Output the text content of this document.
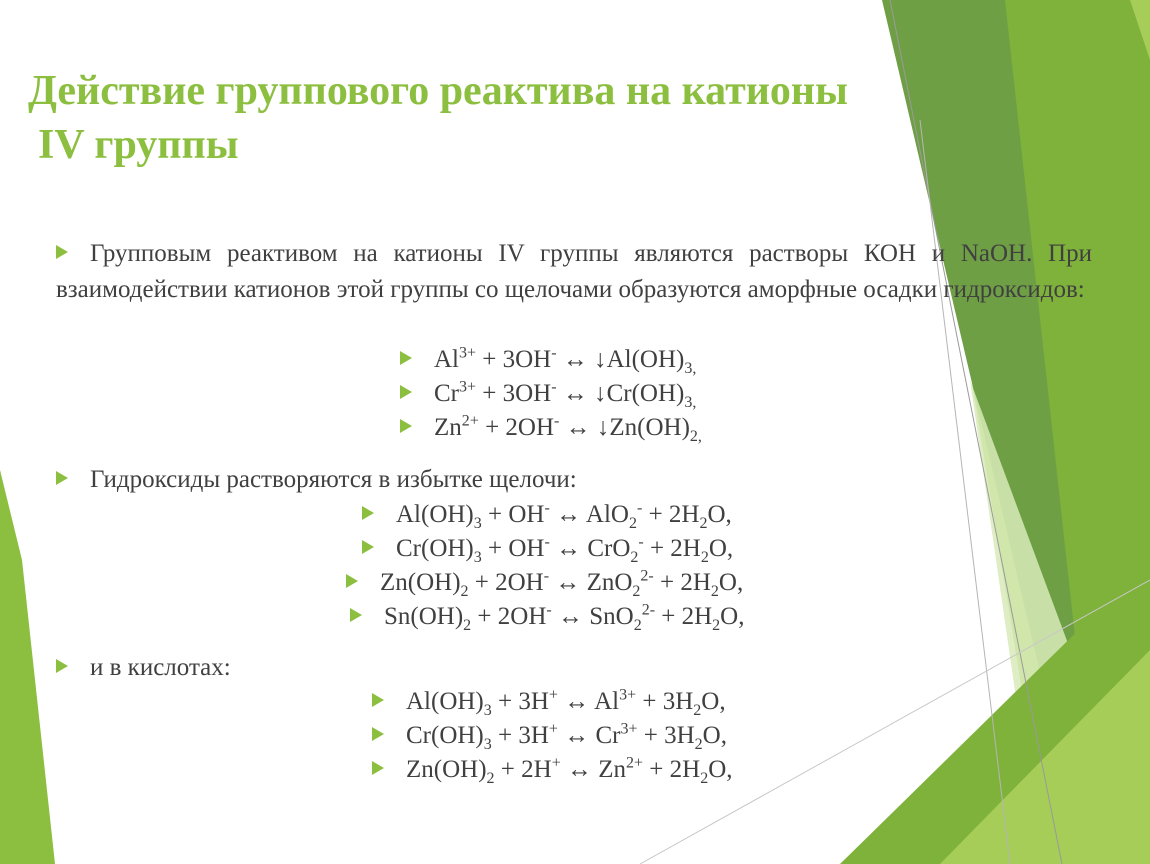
Действие группового реактива на катионы
IV группы

Групповым реактивом на катионы IV группы являются растворы КОН и NaOH. При взаимодействии катионов этой группы со щелочами образуются аморфные осадки гидроксидов:

$Al^{3+} + 3OH^-$ ↔ $↓Al(OH)_{3,}$
$Cr^{3+} + 3OH^-$ ↔ $↓Cr(OH)_{3,}$
$Zn^{2+} + 2OH^-$ ↔ $↓Zn(OH)_{2,}$

Гидроксиды растворяются в избытке щелочи:

$Al(OH)_3 + OH^-$ ↔ $AlO_2^- + 2H_2O$,
$Cr(OH)_3 + OH^-$ ↔ $CrO_2^- + 2H_2O$,
$Zn(OH)_2 + 2OH^-$ ↔ $ZnO_2^{2-} + 2H_2O$,
$Sn(OH)_2 + 2OH^-$ ↔ $SnO_2^{2-} + 2H_2O$,

и в кислотах:

$Al(OH)_3 + 3H^+$ ↔ $Al^{3+} + 3H_2O$,
$Cr(OH)_3 + 3H^+$ ↔ $Cr^{3+} + 3H_2O$,
$Zn(OH)_2 + 2H^+$ ↔ $Zn^{2+} + 2H_2O$,
